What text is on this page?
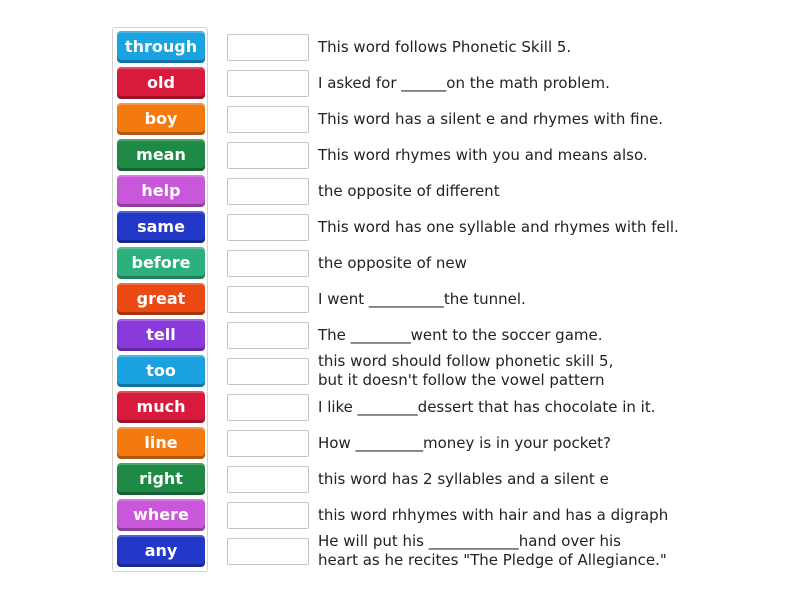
through
old
boy
mean
help
same
before
great
tell
too
much
line
right
where
any
This word follows Phonetic Skill 5.
I asked for ______on the math problem.
This word has a silent e and rhymes with fine.
This word rhymes with you and means also.
the opposite of different
This word has one syllable and rhymes with fell.
the opposite of new
I went __________the tunnel.
The ________went to the soccer game.
this word should follow phonetic skill 5,
but it doesn't follow the vowel pattern
I like ________dessert that has chocolate in it.
How _________money is in your pocket?
this word has 2 syllables and a silent e
this word rhhymes with hair and has a digraph
He will put his ____________hand over his
heart as he recites "The Pledge of Allegiance."
